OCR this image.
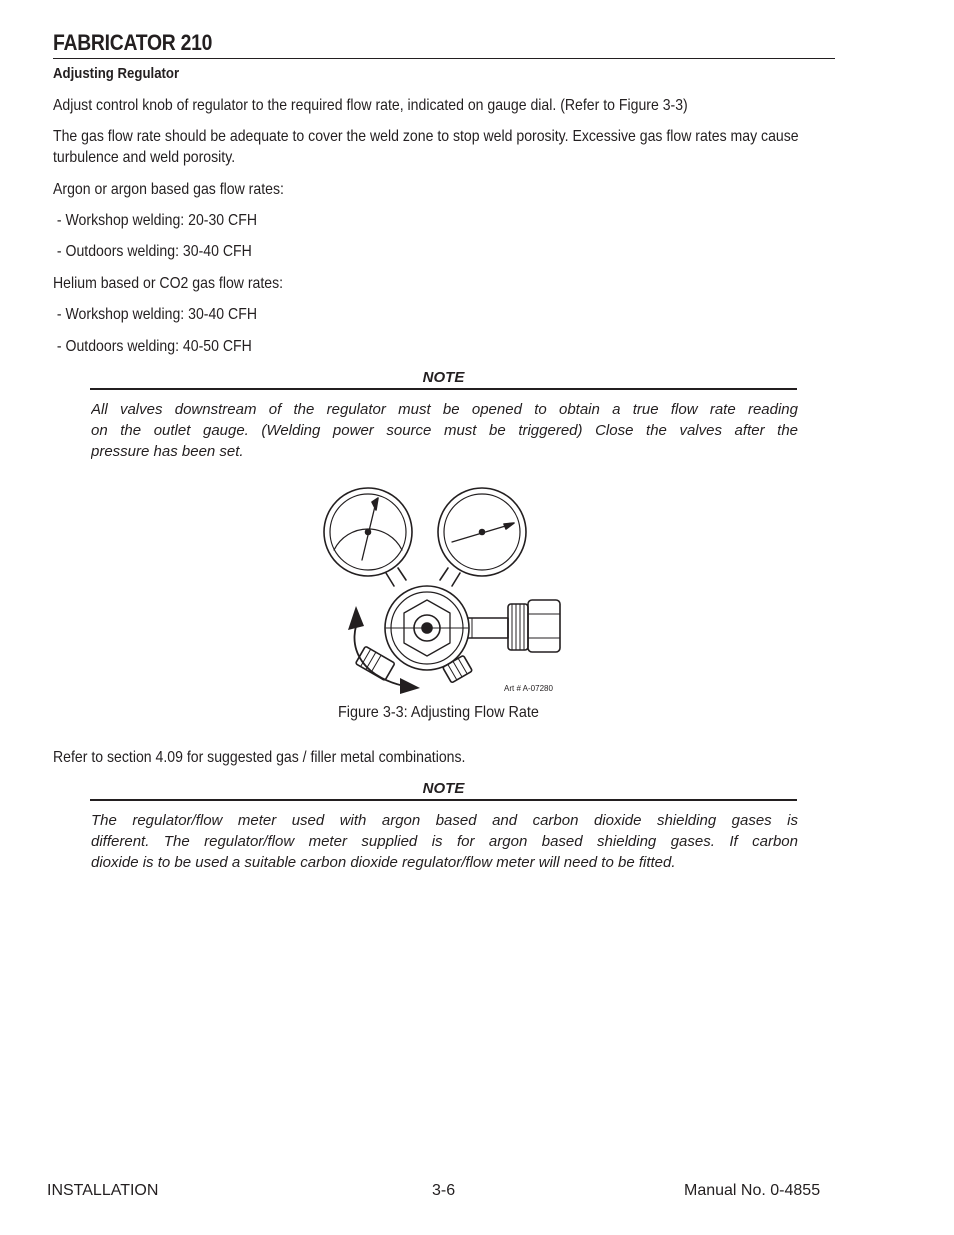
FABRICATOR 210
Adjusting Regulator
Adjust control knob of regulator to the required flow rate, indicated on gauge dial. (Refer to Figure 3-3)
The gas flow rate should be adequate to cover the weld zone to stop weld porosity. Excessive gas flow rates may cause
turbulence and weld porosity.
Argon or argon based gas flow rates:
- Workshop welding: 20-30 CFH
- Outdoors welding: 30-40 CFH
Helium based or CO2 gas flow rates:
- Workshop welding: 30-40 CFH
- Outdoors welding: 40-50 CFH
NOTE
All valves downstream of the regulator must be opened to obtain a true flow rate reading
on the outlet gauge. (Welding power source must be triggered) Close the valves after the
pressure has been set.
Art # A-07280
Figure 3-3: Adjusting Flow Rate
Refer to section 4.09 for suggested gas / filler metal combinations.
NOTE
The regulator/flow meter used with argon based and carbon dioxide shielding gases is
different. The regulator/flow meter supplied is for argon based shielding gases. If carbon
dioxide is to be used a suitable carbon dioxide regulator/flow meter will need to be fitted.
INSTALLATION	3-6	Manual No. 0-4855
